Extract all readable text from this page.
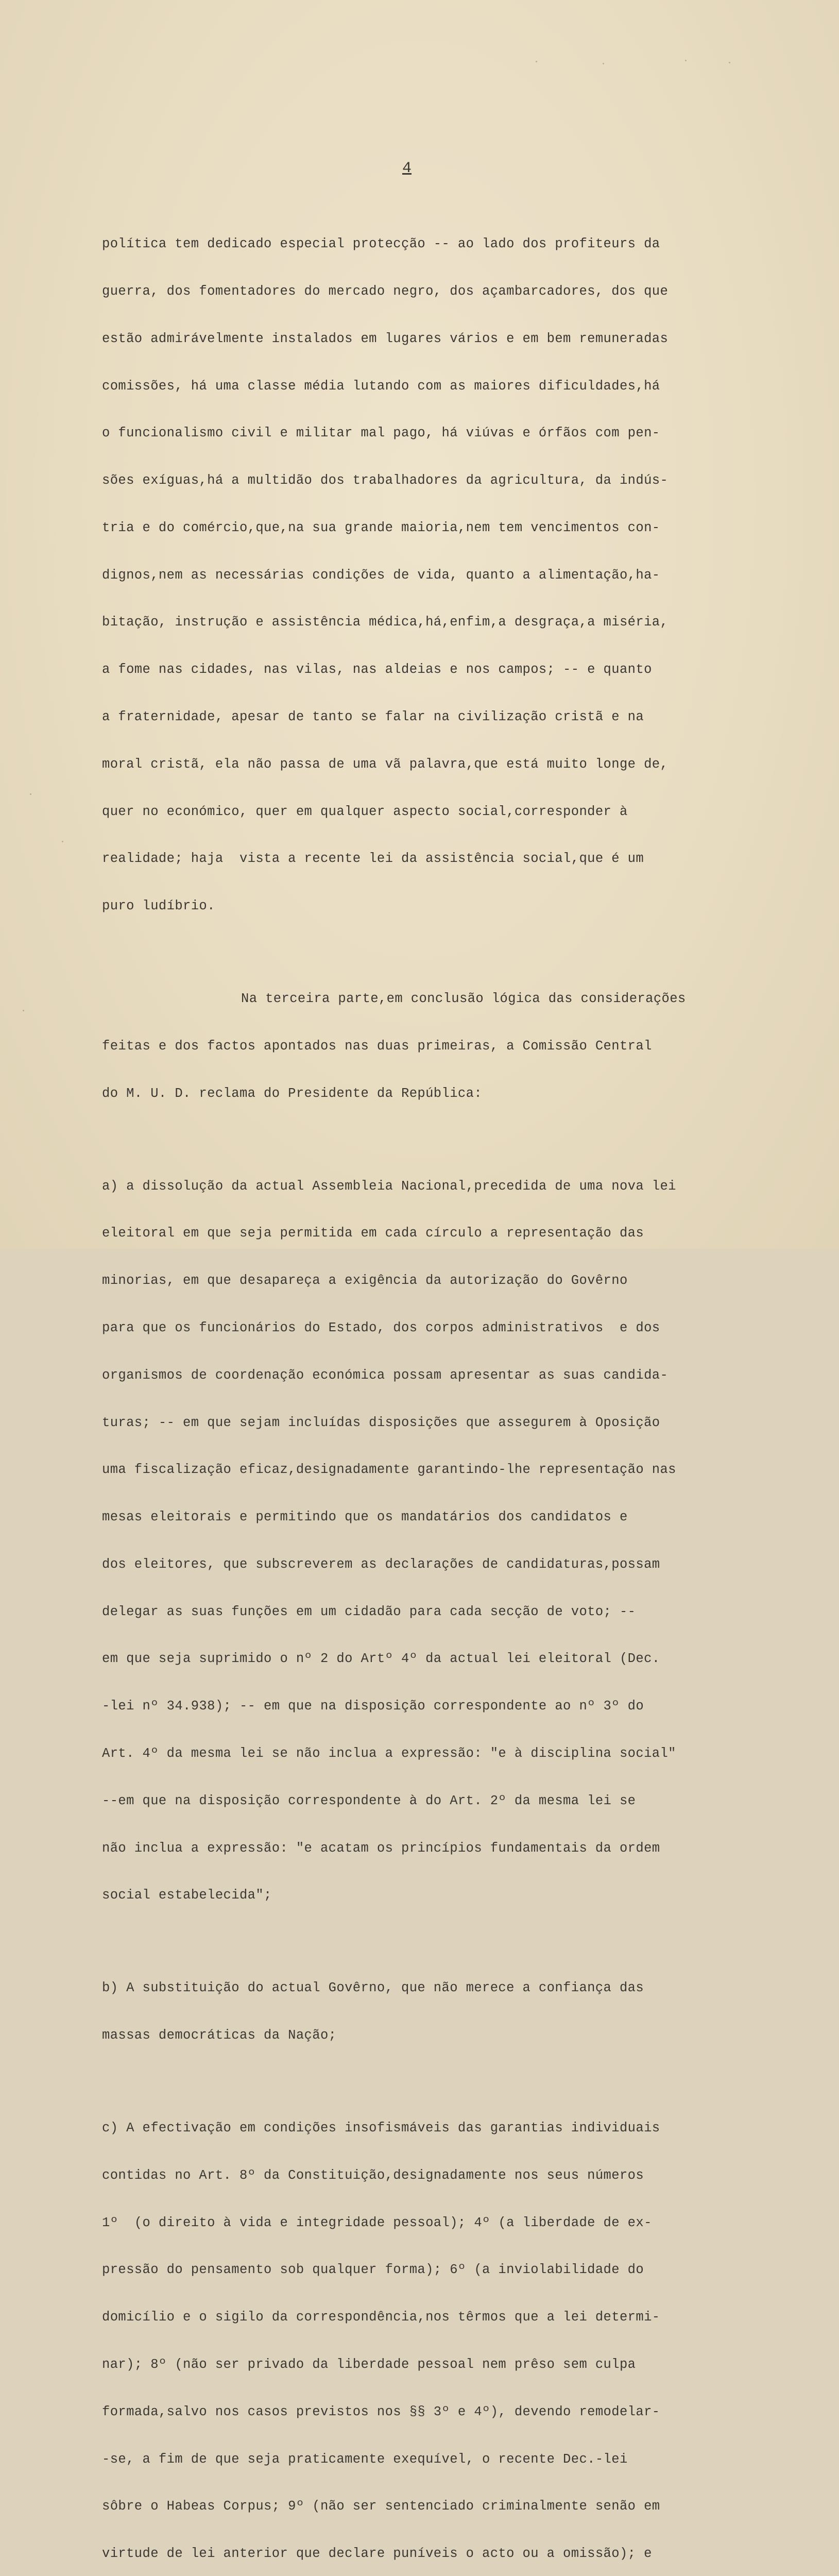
4

política tem dedicado especial protecção -- ao lado dos profiteurs da

guerra, dos fomentadores do mercado negro, dos açambarcadores, dos que

estão admirávelmente instalados em lugares vários e em bem remuneradas

comissões, há uma classe média lutando com as maiores dificuldades,há

o funcionalismo civil e militar mal pago, há viúvas e órfãos com pen-

sões exíguas,há a multidão dos trabalhadores da agricultura, da indús-

tria e do comércio,que,na sua grande maioria,nem tem vencimentos con-

dignos,nem as necessárias condições de vida, quanto a alimentação,ha-

bitação, instrução e assistência médica,há,enfim,a desgraça,a miséria,

a fome nas cidades, nas vilas, nas aldeias e nos campos; -- e quanto

a fraternidade, apesar de tanto se falar na civilização cristã e na

moral cristã, ela não passa de uma vã palavra,que está muito longe de,

quer no económico, quer em qualquer aspecto social,corresponder à

realidade; haja  vista a recente lei da assistência social,que é um

puro ludíbrio.

Na terceira parte,em conclusão lógica das considerações

feitas e dos factos apontados nas duas primeiras, a Comissão Central

do M. U. D. reclama do Presidente da República:

a) a dissolução da actual Assembleia Nacional,precedida de uma nova lei

eleitoral em que seja permitida em cada círculo a representação das

minorias, em que desapareça a exigência da autorização do Govêrno

para que os funcionários do Estado, dos corpos administrativos  e dos

organismos de coordenação económica possam apresentar as suas candida-

turas; -- em que sejam incluídas disposições que assegurem à Oposição

uma fiscalização eficaz,designadamente garantindo-lhe representação nas

mesas eleitorais e permitindo que os mandatários dos candidatos e

dos eleitores, que subscreverem as declarações de candidaturas,possam

delegar as suas funções em um cidadão para cada secção de voto; --

em que seja suprimido o nº 2 do Artº 4º da actual lei eleitoral (Dec.

-lei nº 34.938); -- em que na disposição correspondente ao nº 3º do

Art. 4º da mesma lei se não inclua a expressão: "e à disciplina social"

--em que na disposição correspondente à do Art. 2º da mesma lei se

não inclua a expressão: "e acatam os princípios fundamentais da ordem

social estabelecida";

b) A substituição do actual Govêrno, que não merece a confiança das

massas democráticas da Nação;

c) A efectivação em condições insofismáveis das garantias individuais

contidas no Art. 8º da Constituição,designadamente nos seus números

1º  (o direito à vida e integridade pessoal); 4º (a liberdade de ex-

pressão do pensamento sob qualquer forma); 6º (a inviolabilidade do

domicílio e o sigilo da correspondência,nos têrmos que a lei determi-

nar); 8º (não ser privado da liberdade pessoal nem prêso sem culpa

formada,salvo nos casos previstos nos §§ 3º e 4º), devendo remodelar-

-se, a fim de que seja praticamente exequível, o recente Dec.-lei

sôbre o Habeas Corpus; 9º (não ser sentenciado criminalmente senão em

virtude de lei anterior que declare puníveis o acto ou a omissão); e
